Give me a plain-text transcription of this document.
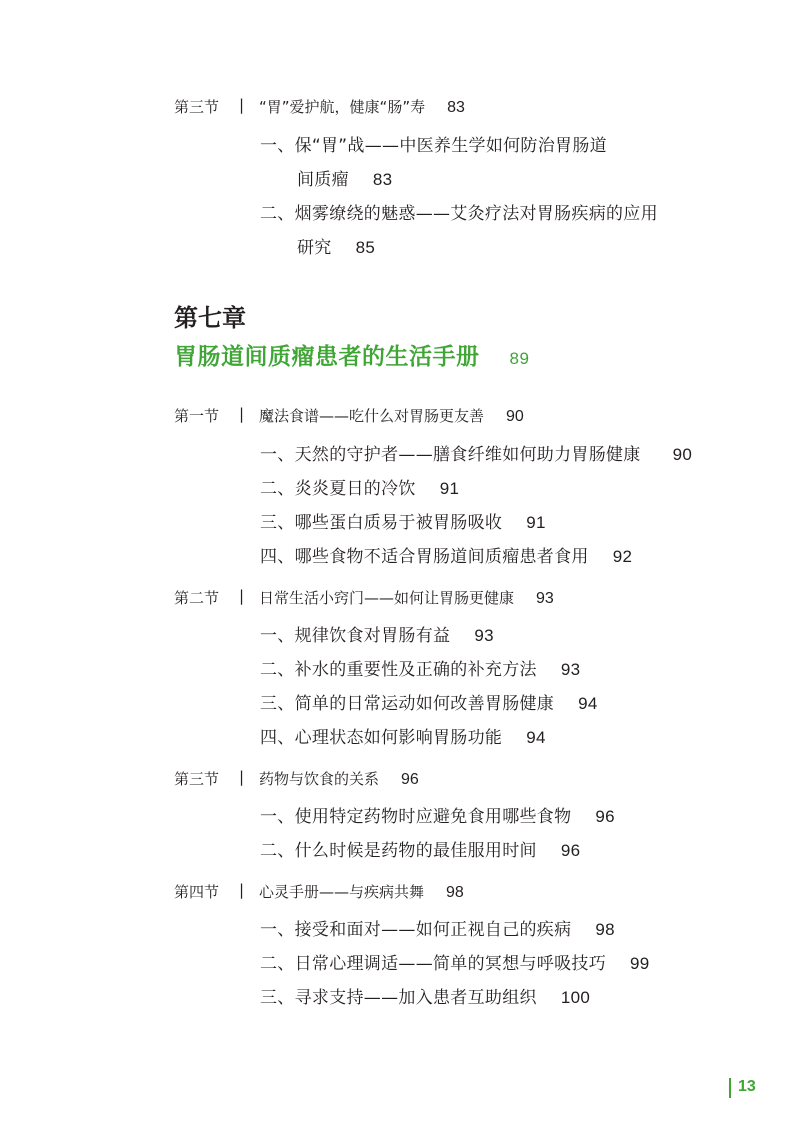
第三节 | “胃”爱护航，健康“肠”寿 83
一、保“胃”战——中医养生学如何防治胃肠道
间质瘤 83
二、烟雾缭绕的魅惑——艾灸疗法对胃肠疾病的应用
研究 85
第七章
胃肠道间质瘤患者的生活手册 89
第一节 | 魔法食谱——吃什么对胃肠更友善 90
一、天然的守护者——膳食纤维如何助力胃肠健康 90
二、炎炎夏日的冷饮 91
三、哪些蛋白质易于被胃肠吸收 91
四、哪些食物不适合胃肠道间质瘤患者食用 92
第二节 | 日常生活小窍门——如何让胃肠更健康 93
一、规律饮食对胃肠有益 93
二、补水的重要性及正确的补充方法 93
三、简单的日常运动如何改善胃肠健康 94
四、心理状态如何影响胃肠功能 94
第三节 | 药物与饮食的关系 96
一、使用特定药物时应避免食用哪些食物 96
二、什么时候是药物的最佳服用时间 96
第四节 | 心灵手册——与疾病共舞 98
一、接受和面对——如何正视自己的疾病 98
二、日常心理调适——简单的冥想与呼吸技巧 99
三、寻求支持——加入患者互助组织 100
13
